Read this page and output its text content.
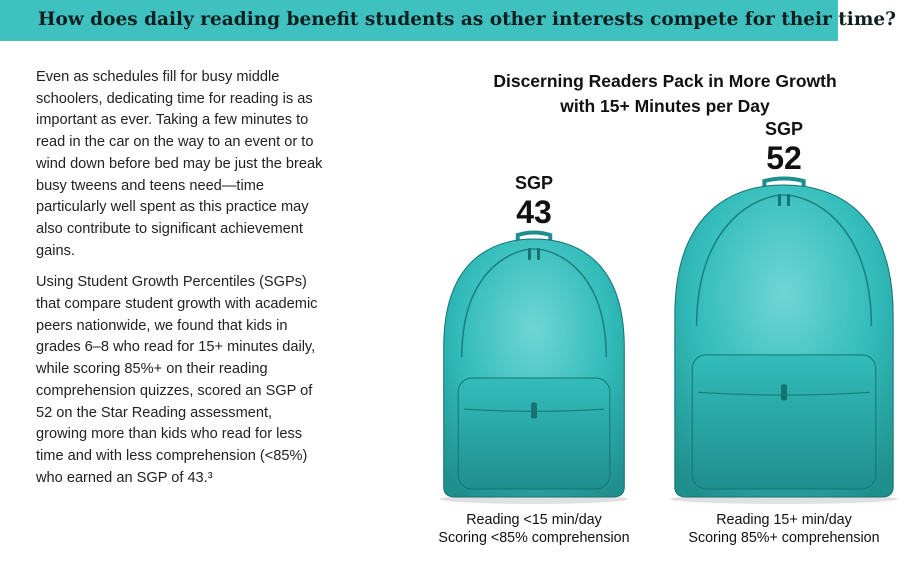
How does daily reading benefit students as other interests compete for their time?

Even as schedules fill for busy middle schoolers, dedicating time for reading is as important as ever. Taking a few minutes to read in the car on the way to an event or to wind down before bed may be just the break busy tweens and teens need—time particularly well spent as this practice may also contribute to significant achievement gains.

Using Student Growth Percentiles (SGPs) that compare student growth with academic peers nationwide, we found that kids in grades 6–8 who read for 15+ minutes daily, while scoring 85%+ on their reading comprehension quizzes, scored an SGP of 52 on the Star Reading assessment, growing more than kids who read for less time and with less comprehension (<85%) who earned an SGP of 43.³

Discerning Readers Pack in More Growth
with 15+ Minutes per Day
SGP
43
SGP
52
Reading <15 min/day
Scoring <85% comprehension
Reading 15+ min/day
Scoring 85%+ comprehension
